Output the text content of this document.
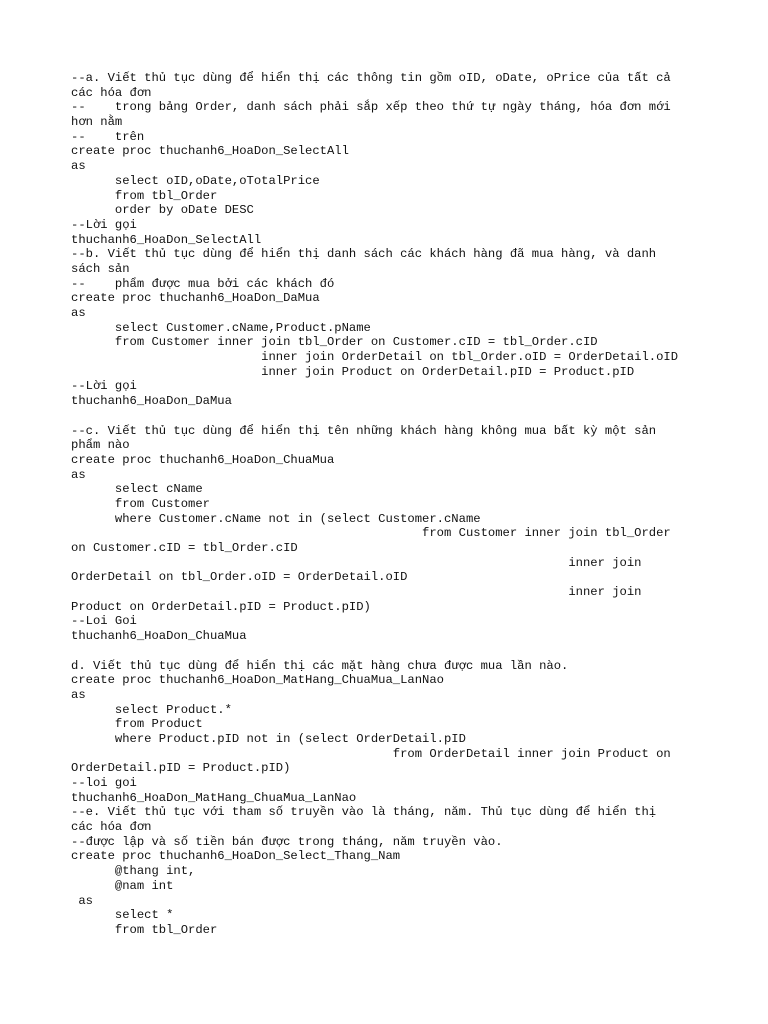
--a. Viết thủ tục dùng để hiển thị các thông tin gồm oID, oDate, oPrice của tất cả
các hóa đơn
--    trong bảng Order, danh sách phải sắp xếp theo thứ tự ngày tháng, hóa đơn mới
hơn nằm
--    trên
create proc thuchanh6_HoaDon_SelectAll
as
select oID,oDate,oTotalPrice
from tbl_Order
order by oDate DESC
--Lời gọi
thuchanh6_HoaDon_SelectAll
--b. Viết thủ tục dùng để hiển thị danh sách các khách hàng đã mua hàng, và danh
sách sản
--    phẩm được mua bởi các khách đó
create proc thuchanh6_HoaDon_DaMua
as
select Customer.cName,Product.pName
from Customer inner join tbl_Order on Customer.cID = tbl_Order.cID
inner join OrderDetail on tbl_Order.oID = OrderDetail.oID
inner join Product on OrderDetail.pID = Product.pID
--Lời gọi
thuchanh6_HoaDon_DaMua
--c. Viết thủ tục dùng để hiển thị tên những khách hàng không mua bất kỳ một sản
phẩm nào
create proc thuchanh6_HoaDon_ChuaMua
as
select cName
from Customer
where Customer.cName not in (select Customer.cName
from Customer inner join tbl_Order
on Customer.cID = tbl_Order.cID
inner join
OrderDetail on tbl_Order.oID = OrderDetail.oID
inner join
Product on OrderDetail.pID = Product.pID)
--Loi Goi
thuchanh6_HoaDon_ChuaMua
d. Viết thủ tục dùng để hiển thị các mặt hàng chưa được mua lần nào.
create proc thuchanh6_HoaDon_MatHang_ChuaMua_LanNao
as
select Product.*
from Product
where Product.pID not in (select OrderDetail.pID
from OrderDetail inner join Product on
OrderDetail.pID = Product.pID)
--loi goi
thuchanh6_HoaDon_MatHang_ChuaMua_LanNao
--e. Viết thủ tục với tham số truyền vào là tháng, năm. Thủ tục dùng để hiển thị
các hóa đơn
--được lập và số tiền bán được trong tháng, năm truyền vào.
create proc thuchanh6_HoaDon_Select_Thang_Nam
@thang int,
@nam int
as
select *
from tbl_Order
